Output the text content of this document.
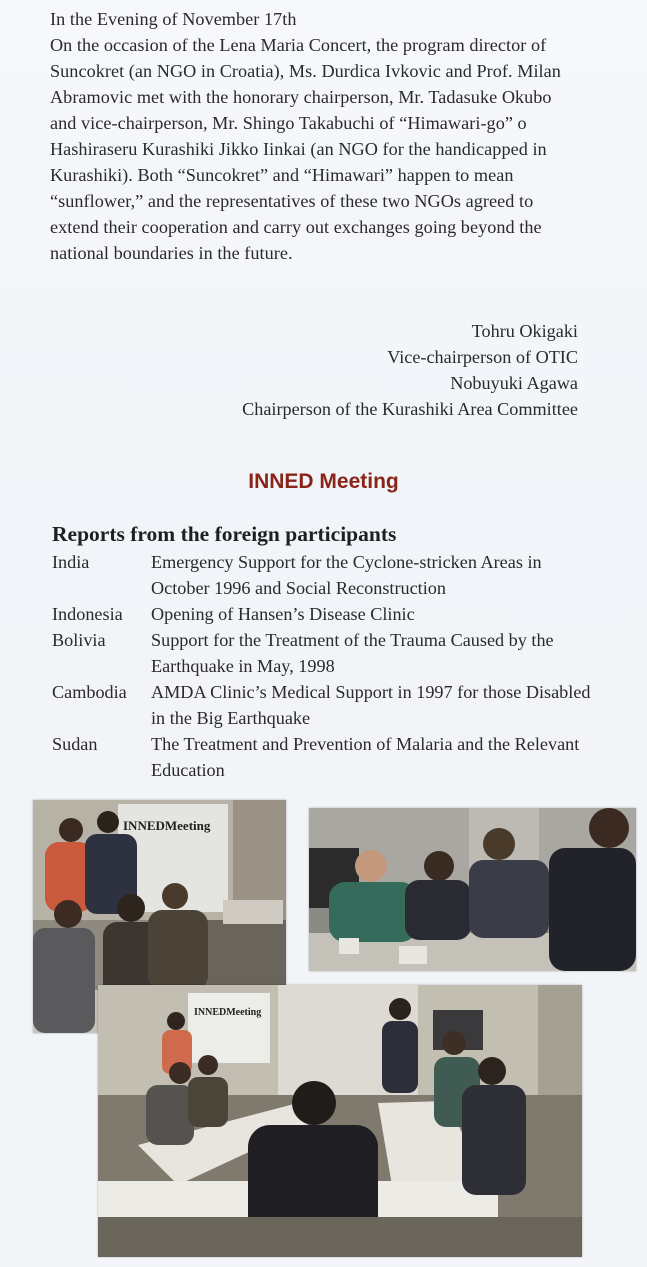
In the Evening of November 17th
On the occasion of the Lena Maria Concert, the program director of Suncokret (an NGO in Croatia), Ms. Durdica Ivkovic and Prof. Milan Abramovic met with the honorary chairperson, Mr. Tadasuke Okubo and vice-chairperson, Mr. Shingo Takabuchi of “Himawari-go” o Hashiraseru Kurashiki Jikko Iinkai (an NGO for the handicapped in Kurashiki). Both “Suncokret” and “Himawari” happen to mean “sunflower,” and the representatives of these two NGOs agreed to extend their cooperation and carry out exchanges going beyond the national boundaries in the future.

Tohru Okigaki
Vice-chairperson of OTIC
Nobuyuki Agawa
Chairperson of the Kurashiki Area Committee
INNED Meeting
Reports from the foreign participants
India	Emergency Support for the Cyclone-stricken Areas in October 1996 and Social Reconstruction
Indonesia	Opening of Hansen’s Disease Clinic
Bolivia	Support for the Treatment of the Trauma Caused by the Earthquake in May, 1998
Cambodia	AMDA Clinic’s Medical Support in 1997 for those Disabled in the Big Earthquake
Sudan	The Treatment and Prevention of Malaria and the Relevant Education
INNEDMeeting
INNEDMeeting
